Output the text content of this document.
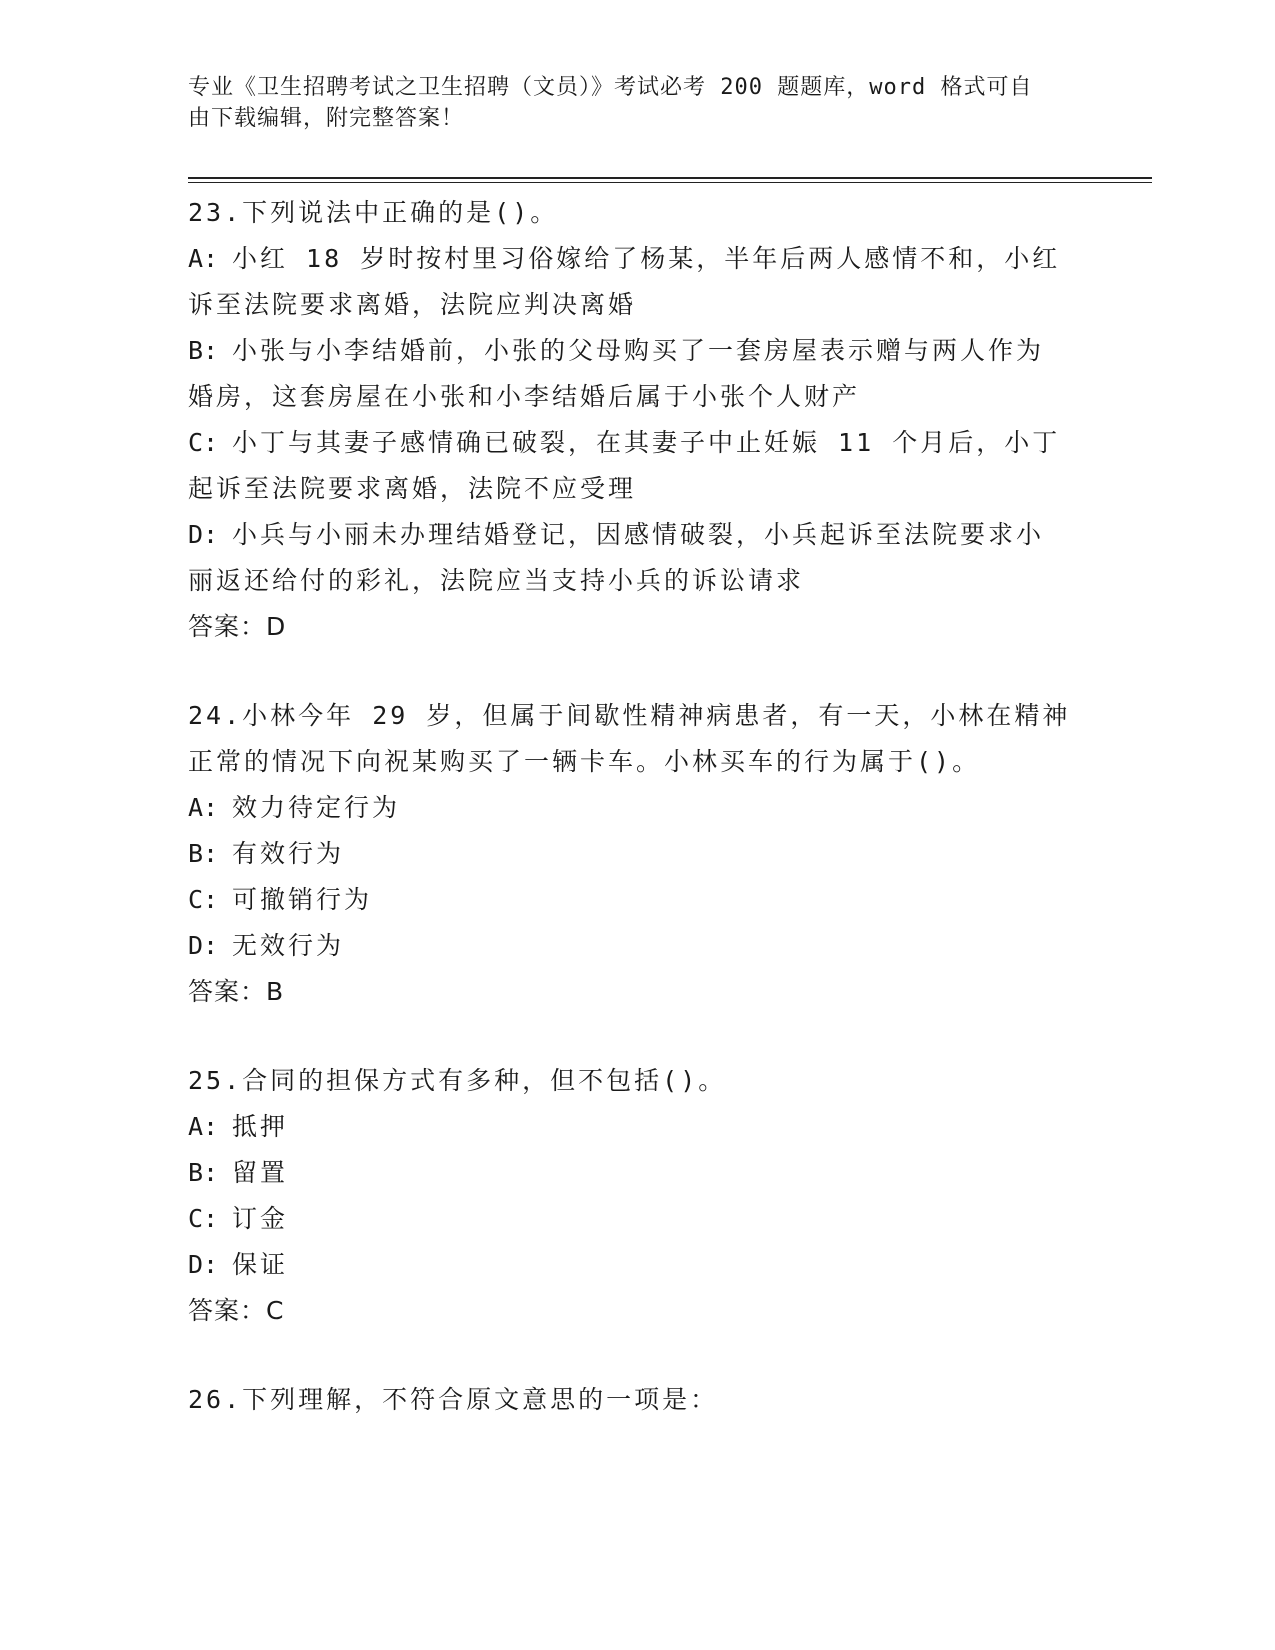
专业《卫生招聘考试之卫生招聘（文员）》考试必考 200 题题库，word 格式可自
由下载编辑，附完整答案！
23.下列说法中正确的是()。
A: 小红 18 岁时按村里习俗嫁给了杨某，半年后两人感情不和，小红
诉至法院要求离婚，法院应判决离婚
B: 小张与小李结婚前，小张的父母购买了一套房屋表示赠与两人作为
婚房，这套房屋在小张和小李结婚后属于小张个人财产
C: 小丁与其妻子感情确已破裂，在其妻子中止妊娠 11 个月后，小丁
起诉至法院要求离婚，法院不应受理
D: 小兵与小丽未办理结婚登记，因感情破裂，小兵起诉至法院要求小
丽返还给付的彩礼，法院应当支持小兵的诉讼请求
答案：D
24.小林今年 29 岁，但属于间歇性精神病患者，有一天，小林在精神
正常的情况下向祝某购买了一辆卡车。小林买车的行为属于()。
A: 效力待定行为
B: 有效行为
C: 可撤销行为
D: 无效行为
答案：B
25.合同的担保方式有多种，但不包括()。
A: 抵押
B: 留置
C: 订金
D: 保证
答案：C
26.下列理解，不符合原文意思的一项是：
